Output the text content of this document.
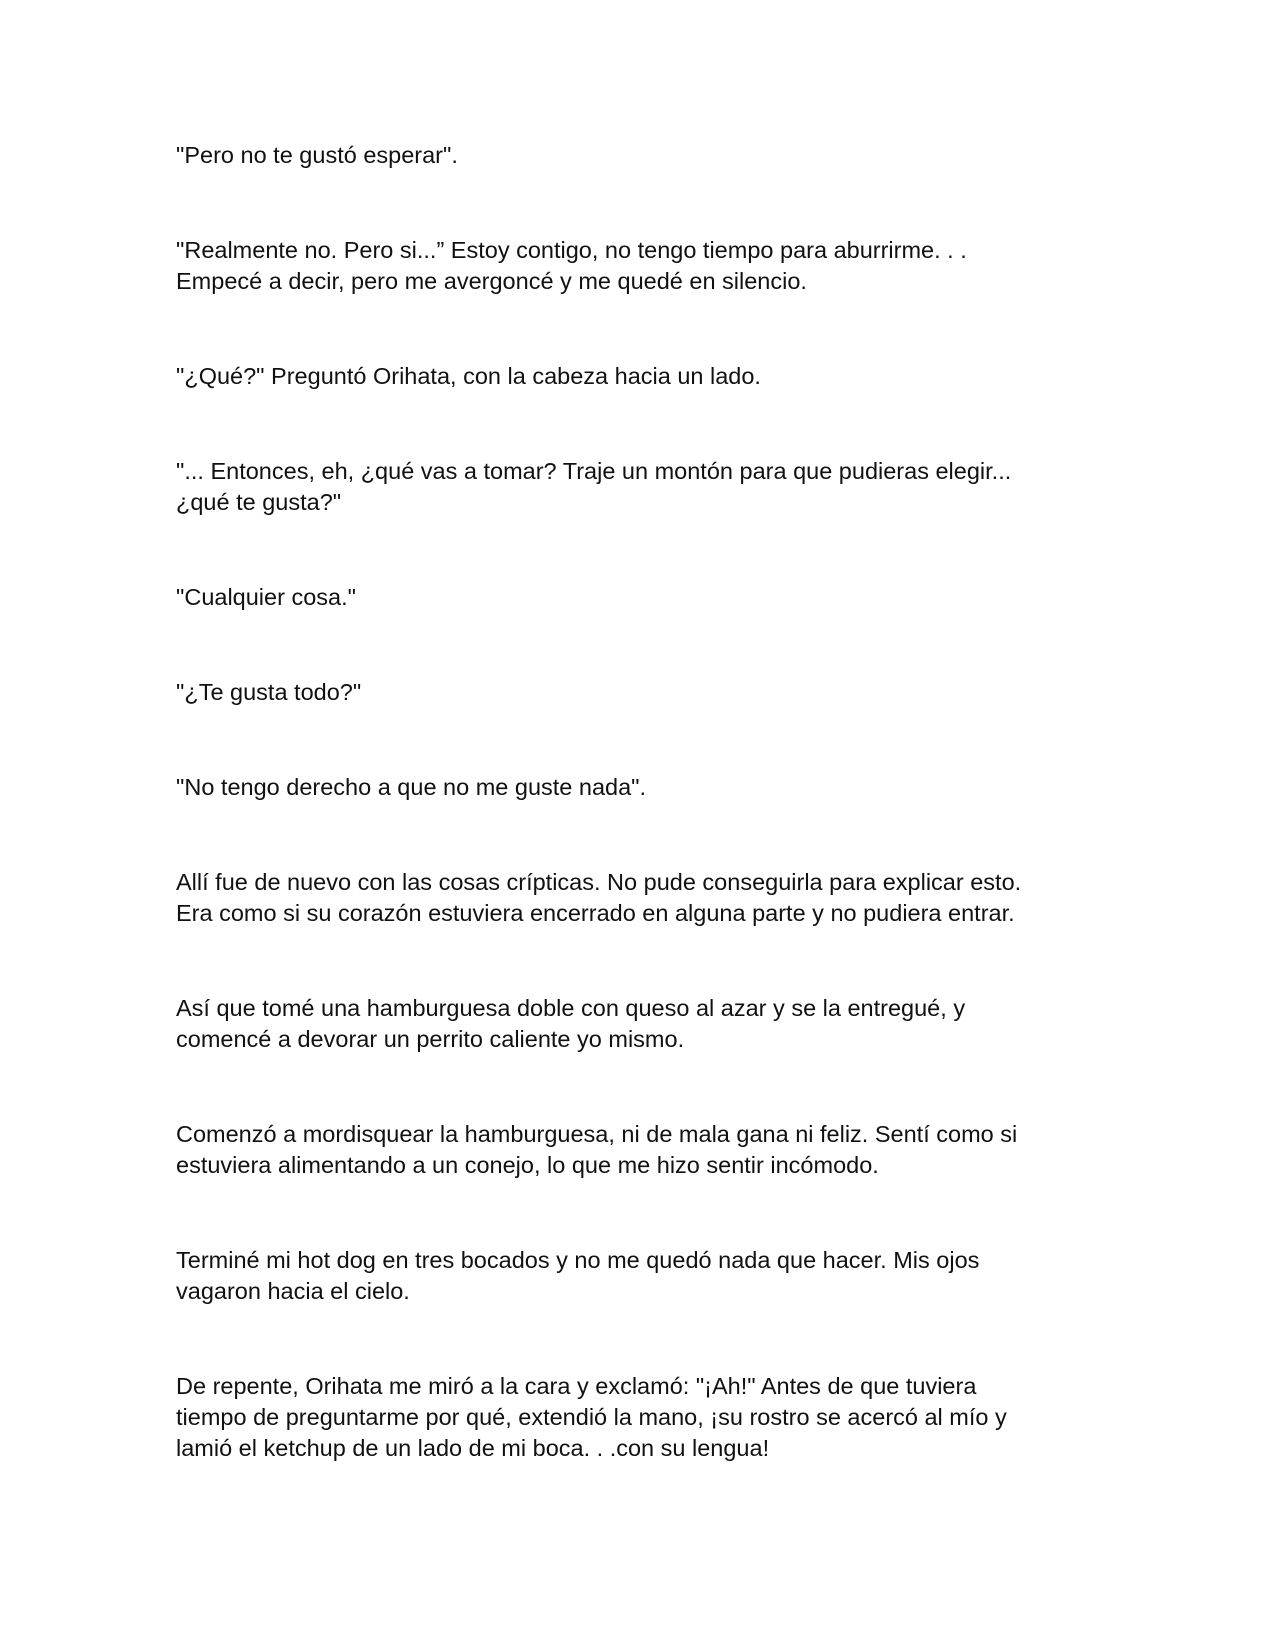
"Pero no te gustó esperar".

"Realmente no. Pero si...” Estoy contigo, no tengo tiempo para aburrirme. . .
Empecé a decir, pero me avergoncé y me quedé en silencio.

"¿Qué?" Preguntó Orihata, con la cabeza hacia un lado.

"... Entonces, eh, ¿qué vas a tomar? Traje un montón para que pudieras elegir...
¿qué te gusta?"

"Cualquier cosa."

"¿Te gusta todo?"

"No tengo derecho a que no me guste nada".

Allí fue de nuevo con las cosas crípticas. No pude conseguirla para explicar esto.
Era como si su corazón estuviera encerrado en alguna parte y no pudiera entrar.

Así que tomé una hamburguesa doble con queso al azar y se la entregué, y
comencé a devorar un perrito caliente yo mismo.

Comenzó a mordisquear la hamburguesa, ni de mala gana ni feliz. Sentí como si
estuviera alimentando a un conejo, lo que me hizo sentir incómodo.

Terminé mi hot dog en tres bocados y no me quedó nada que hacer. Mis ojos
vagaron hacia el cielo.

De repente, Orihata me miró a la cara y exclamó: "¡Ah!" Antes de que tuviera
tiempo de preguntarme por qué, extendió la mano, ¡su rostro se acercó al mío y
lamió el ketchup de un lado de mi boca. . .con su lengua!
